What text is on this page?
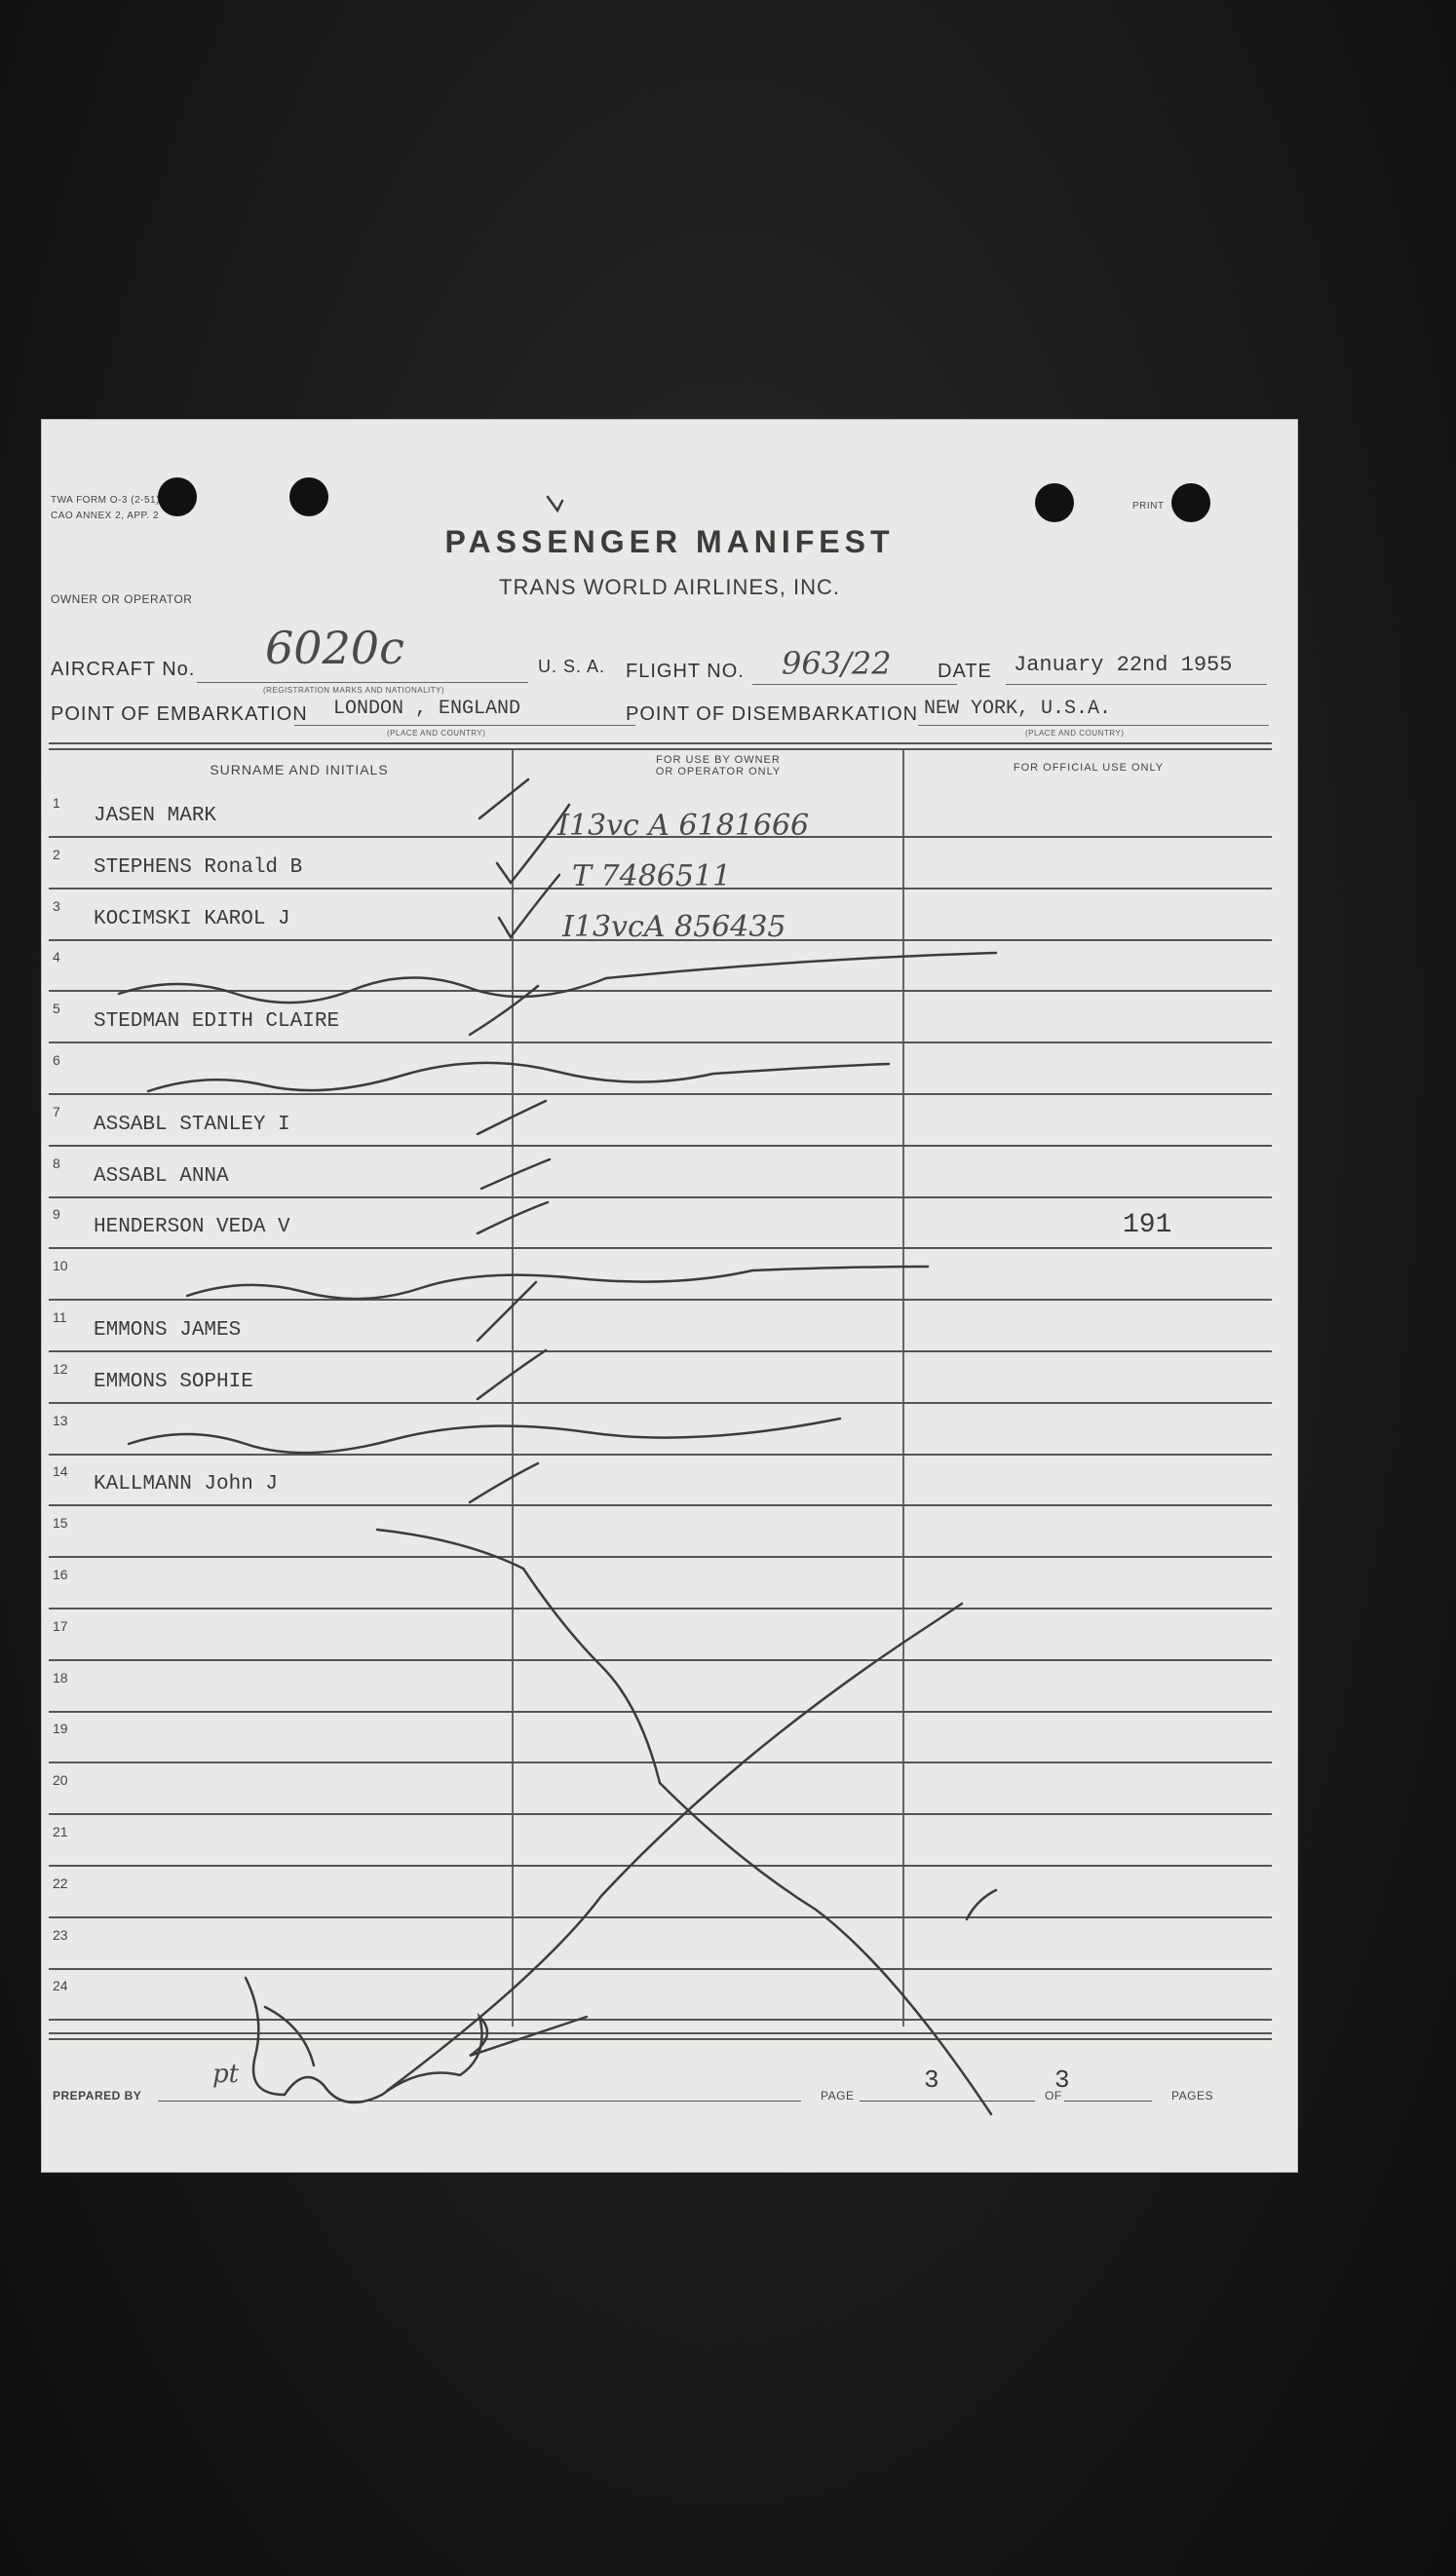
TWA FORM O-3 (2-51)
CAO ANNEX 2, APP. 2
PRINT
PASSENGER MANIFEST
TRANS WORLD AIRLINES, INC.
OWNER OR OPERATOR
AIRCRAFT No. 6020c
(REGISTRATION MARKS AND NATIONALITY)
U. S. A. FLIGHT NO. 963/22 DATE January 22nd 1955
POINT OF EMBARKATION LONDON , ENGLAND
(PLACE AND COUNTRY)
POINT OF DISEMBARKATION NEW YORK, U.S.A.
(PLACE AND COUNTRY)
SURNAME AND INITIALS
FOR USE BY OWNER
OR OPERATOR ONLY	FOR OFFICIAL USE ONLY
1
JASEN MARK
2
STEPHENS Ronald B
3
KOCIMSKI KAROL J
4
5
STEDMAN EDITH CLAIRE
6
7
ASSABL STANLEY I
8
ASSABL ANNA
9
HENDERSON VEDA V	191
10
11
EMMONS JAMES
12
EMMONS SOPHIE
13
14
KALLMANN John J
15
16
17
18
19
20
21
22
23
24
PREPARED BY
pt
PAGE
3
OF
3
PAGES
I13vc A 6181666
T 7486511
I13vcA 856435
